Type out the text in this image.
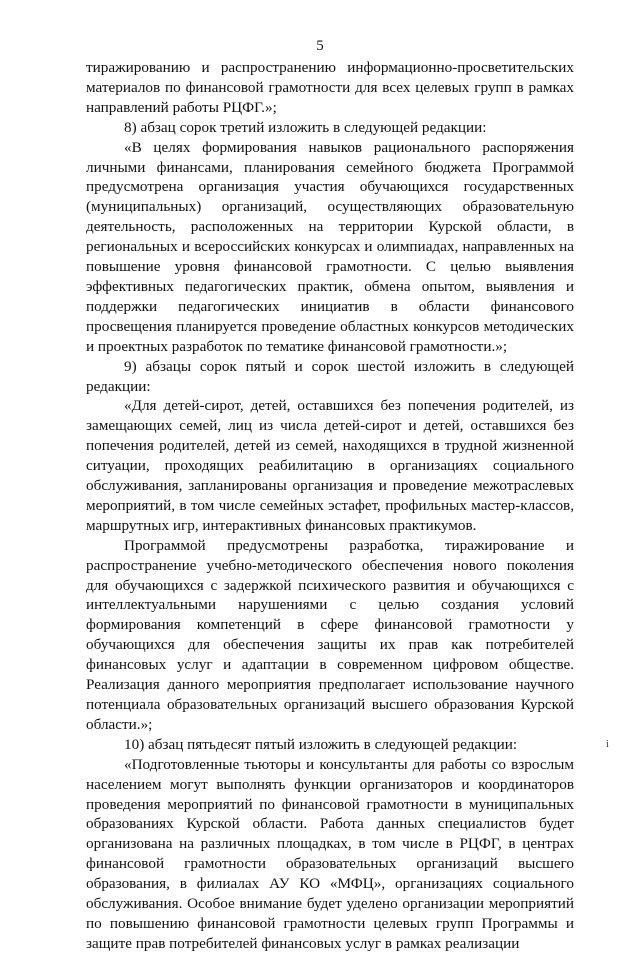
5

тиражированию и распространению информационно-просветительских материалов по финансовой грамотности для всех целевых групп в рамках направлений работы РЦФГ.»;

8) абзац сорок третий изложить в следующей редакции:

«В целях формирования навыков рационального распоряжения личными финансами, планирования семейного бюджета Программой предусмотрена организация участия обучающихся государственных (муниципальных) организаций, осуществляющих образовательную деятельность, расположенных на территории Курской области, в региональных и всероссийских конкурсах и олимпиадах, направленных на повышение уровня финансовой грамотности. С целью выявления эффективных педагогических практик, обмена опытом, выявления и поддержки педагогических инициатив в области финансового просвещения планируется проведение областных конкурсов методических и проектных разработок по тематике финансовой грамотности.»;

9) абзацы сорок пятый и сорок шестой изложить в следующей редакции:

«Для детей-сирот, детей, оставшихся без попечения родителей, из замещающих семей, лиц из числа детей-сирот и детей, оставшихся без попечения родителей, детей из семей, находящихся в трудной жизненной ситуации, проходящих реабилитацию в организациях социального обслуживания, запланированы организация и проведение межотраслевых мероприятий, в том числе семейных эстафет, профильных мастер-классов, маршрутных игр, интерактивных финансовых практикумов.

Программой предусмотрены разработка, тиражирование и распространение учебно-методического обеспечения нового поколения для обучающихся с задержкой психического развития и обучающихся с интеллектуальными нарушениями с целью создания условий формирования компетенций в сфере финансовой грамотности у обучающихся для обеспечения защиты их прав как потребителей финансовых услуг и адаптации в современном цифровом обществе. Реализация данного мероприятия предполагает использование научного потенциала образовательных организаций высшего образования Курской области.»;

10) абзац пятьдесят пятый изложить в следующей редакции:

«Подготовленные тьюторы и консультанты для работы со взрослым населением могут выполнять функции организаторов и координаторов проведения мероприятий по финансовой грамотности в муниципальных образованиях Курской области. Работа данных специалистов будет организована на различных площадках, в том числе в РЦФГ, в центрах финансовой грамотности образовательных организаций высшего образования, в филиалах АУ КО «МФЦ», организациях социального обслуживания. Особое внимание будет уделено организации мероприятий по повышению финансовой грамотности целевых групп Программы и защите прав потребителей финансовых услуг в рамках реализации

i
